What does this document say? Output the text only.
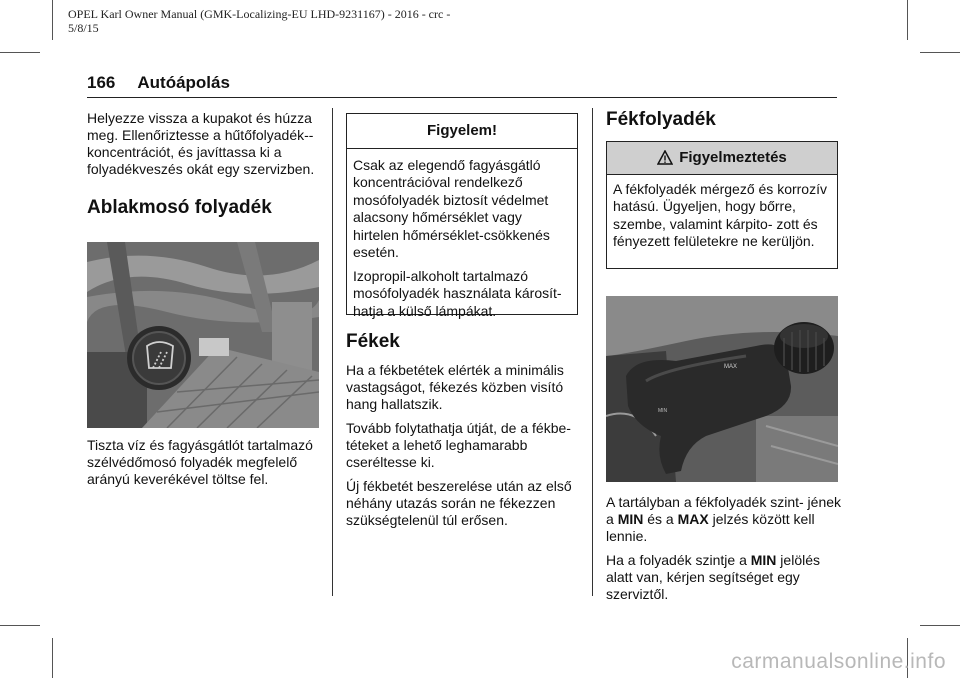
OPEL Karl Owner Manual (GMK-Localizing-EU LHD-9231167) - 2016 - crc -
5/8/15
166 Autóápolás

Helyezze vissza a kupakot és húzza meg. Ellenőriztesse a hűtőfolyadék-- koncentrációt, és javíttassa ki a folyadékveszés okát egy szervizben.

Ablakmosó folyadék

Tiszta víz és fagyásgátlót tartalmazó szélvédőmosó folyadék megfelelő arányú keverékével töltse fel.

Figyelem!

Csak az elegendő fagyásgátló koncentrációval rendelkező mosófolyadék biztosít védelmet alacsony hőmérséklet vagy hirtelen hőmérséklet-csökkenés esetén.

Izopropil-alkoholt tartalmazó mosófolyadék használata károsít- hatja a külső lámpákat.

Fékek

Ha a fékbetétek elérték a minimális vastagságot, fékezés közben visító hang hallatszik.

Tovább folytathatja útját, de a fékbe- téteket a lehető leghamarabb cseréltesse ki.

Új fékbetét beszerelése után az első néhány utazás során ne fékezzen szükségtelenül túl erősen.

Fékfolyadék
Figyelmeztetés

A fékfolyadék mérgező és korrozív hatású. Ügyeljen, hogy bőrre, szembe, valamint kárpito- zott és fényezett felületekre ne kerüljön.

MAX
MIN

A tartályban a fékfolyadék szint- jének a MIN és a MAX jelzés között kell lennie.

Ha a folyadék szintje a MIN jelölés alatt van, kérjen segítséget egy szerviztől.

carmanualsonline.info
